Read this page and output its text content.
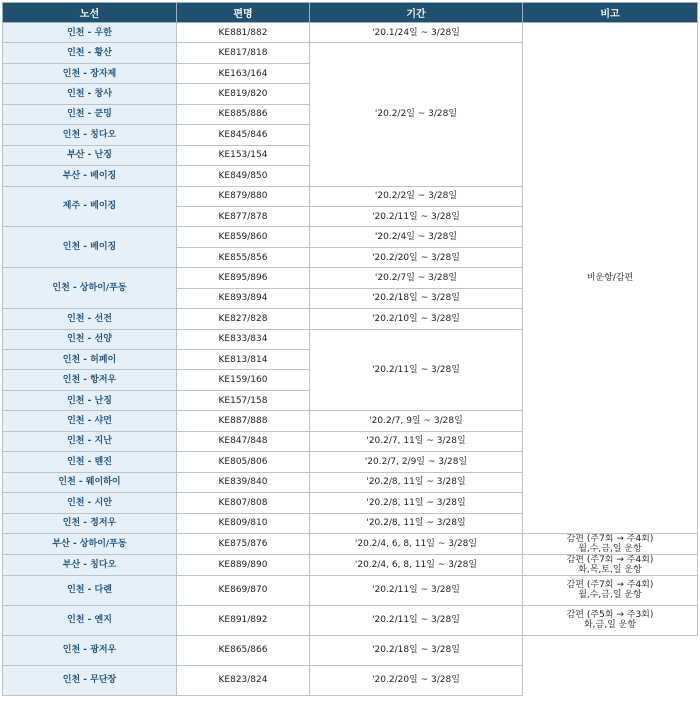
노선	편명	기간	비고
인천 - 우한	KE881/882	'20.1/24일 ~ 3/28일	비운항/감편
인천 - 황산	KE817/818	'20.2/2일 ~ 3/28일	
인천 - 장자제	KE163/164		
인천 - 창사	KE819/820		
인천 - 쿤밍	KE885/886		
인천 - 칭다오	KE845/846		
부산 - 난징	KE153/154		
부산 - 베이징	KE849/850		
제주 - 베이징	KE879/880	'20.2/2일 ~ 3/28일	
	KE877/878	'20.2/11일 ~ 3/28일	
인천 - 베이징	KE859/860	'20.2/4일 ~ 3/28일	
	KE855/856	'20.2/20일 ~ 3/28일	
인천 - 상하이/푸동	KE895/896	'20.2/7일 ~ 3/28일	
	KE893/894	'20.2/18일 ~ 3/28일	
인천 - 선전	KE827/828	'20.2/10일 ~ 3/28일	
인천 - 선양	KE833/834	'20.2/11일 ~ 3/28일	
인천 - 허페이	KE813/814		
인천 - 항저우	KE159/160		
인천 - 난징	KE157/158		
인천 - 샤먼	KE887/888	'20.2/7, 9일 ~ 3/28일	
인천 - 지난	KE847/848	'20.2/7, 11일 ~ 3/28일	
인천 - 톈진	KE805/806	'20.2/7, 2/9일 ~ 3/28일	
인천 - 웨이하이	KE839/840	'20.2/8, 11일 ~ 3/28일	
인천 - 시안	KE807/808	'20.2/8, 11일 ~ 3/28일	
인천 - 정저우	KE809/810	'20.2/8, 11일 ~ 3/28일	
부산 - 상하이/푸동	KE875/876	'20.2/4, 6, 8, 11일 ~ 3/28일	감편 (주7회 → 주4회)
월,수,금,일 운항
부산 - 칭다오	KE889/890	'20.2/4, 6, 8, 11일 ~ 3/28일	감편 (주7회 → 주4회)
화,목,토,일 운항
인천 - 다롄	KE869/870	'20.2/11일 ~ 3/28일	감편 (주7회 → 주4회)
월,수,금,일 운항
인천 - 옌지	KE891/892	'20.2/11일 ~ 3/28일	감편 (주5회 → 주3회)
화,금,일 운항
인천 - 광저우	KE865/866	'20.2/18일 ~ 3/28일	
인천 - 무단장	KE823/824	'20.2/20일 ~ 3/28일	
